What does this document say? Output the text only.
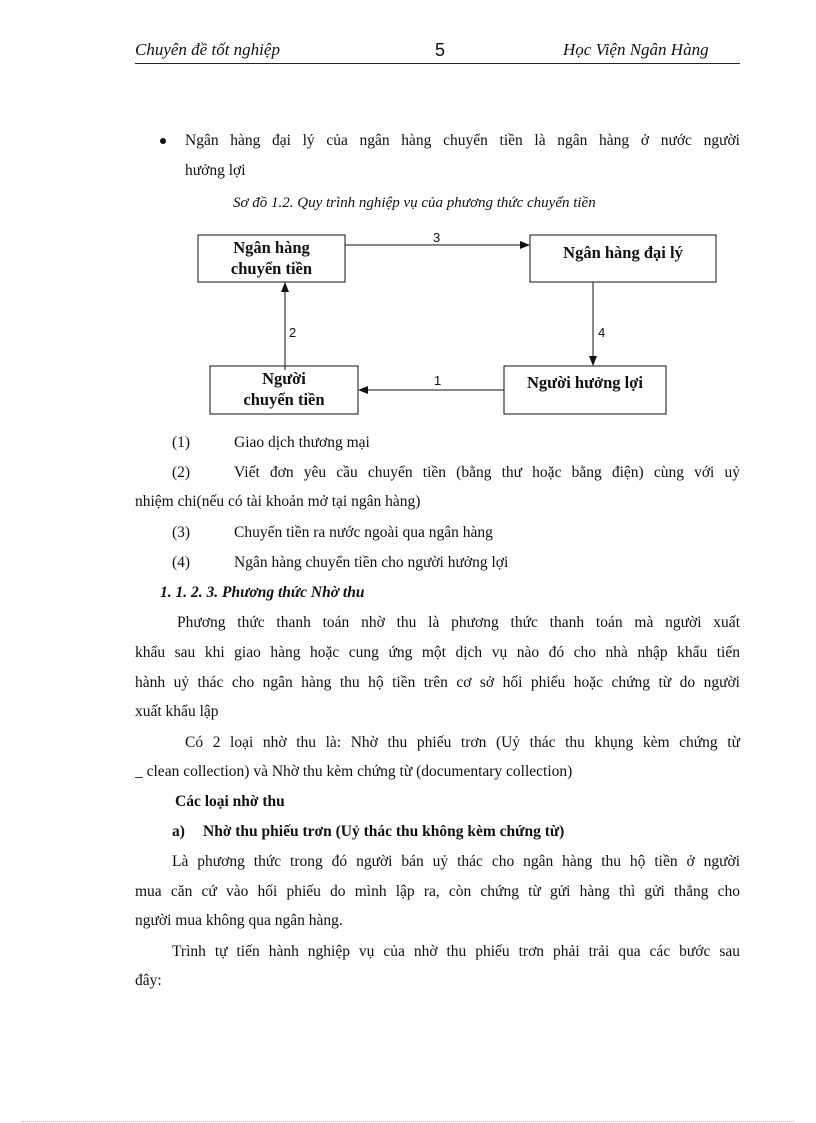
Chuyên đề tốt nghiệp	5	Học Viện Ngân Hàng
Ngân hàng đại lý của ngân hàng chuyển tiền là ngân hàng ở nước người
hưởng lợi
Sơ đồ 1.2. Quy trình nghiệp vụ của phương thức chuyển tiền
Ngân hàng
chuyển tiền
Ngân hàng đại lý
Người
chuyển tiền
Người hưởng lợi
3
4
1
2
(1)	Giao dịch thương mại
(2)	Viết đơn yêu cầu chuyển tiền (bằng thư hoặc bằng điện) cùng với uỷ
nhiệm chi(nếu có tài khoản mở tại ngân hàng)
(3)	Chuyển tiền ra nước ngoài qua ngân hàng
(4)	Ngân hàng chuyển tiền cho người hưởng lợi
1. 1. 2. 3. Phương thức Nhờ thu
Phương thức thanh toán nhờ thu là phương thức thanh toán mà người xuất
khẩu sau khi giao hàng hoặc cung ứng một dịch vụ nào đó cho nhà nhập khẩu tiến
hành uỷ thác cho ngân hàng thu hộ tiền trên cơ sở hối phiếu hoặc chứng từ do người
xuất khẩu lập
Có 2 loại nhờ thu là: Nhờ thu phiếu trơn (Uỷ thác thu khụng kèm chứng từ
_ clean collection) và Nhờ thu kèm chứng từ (documentary collection)
Các loại nhờ thu
a) Nhờ thu phiếu trơn (Uỷ thác thu không kèm chứng từ)
Là phương thức trong đó người bán uỷ thác cho ngân hàng thu hộ tiền ở người
mua căn cứ vào hối phiếu do mình lập ra, còn chứng từ gửi hàng thì gửi thẳng cho
người mua không qua ngân hàng.
Trình tự tiến hành nghiệp vụ của nhờ thu phiếu trơn phải trải qua các bước sau
đây:
